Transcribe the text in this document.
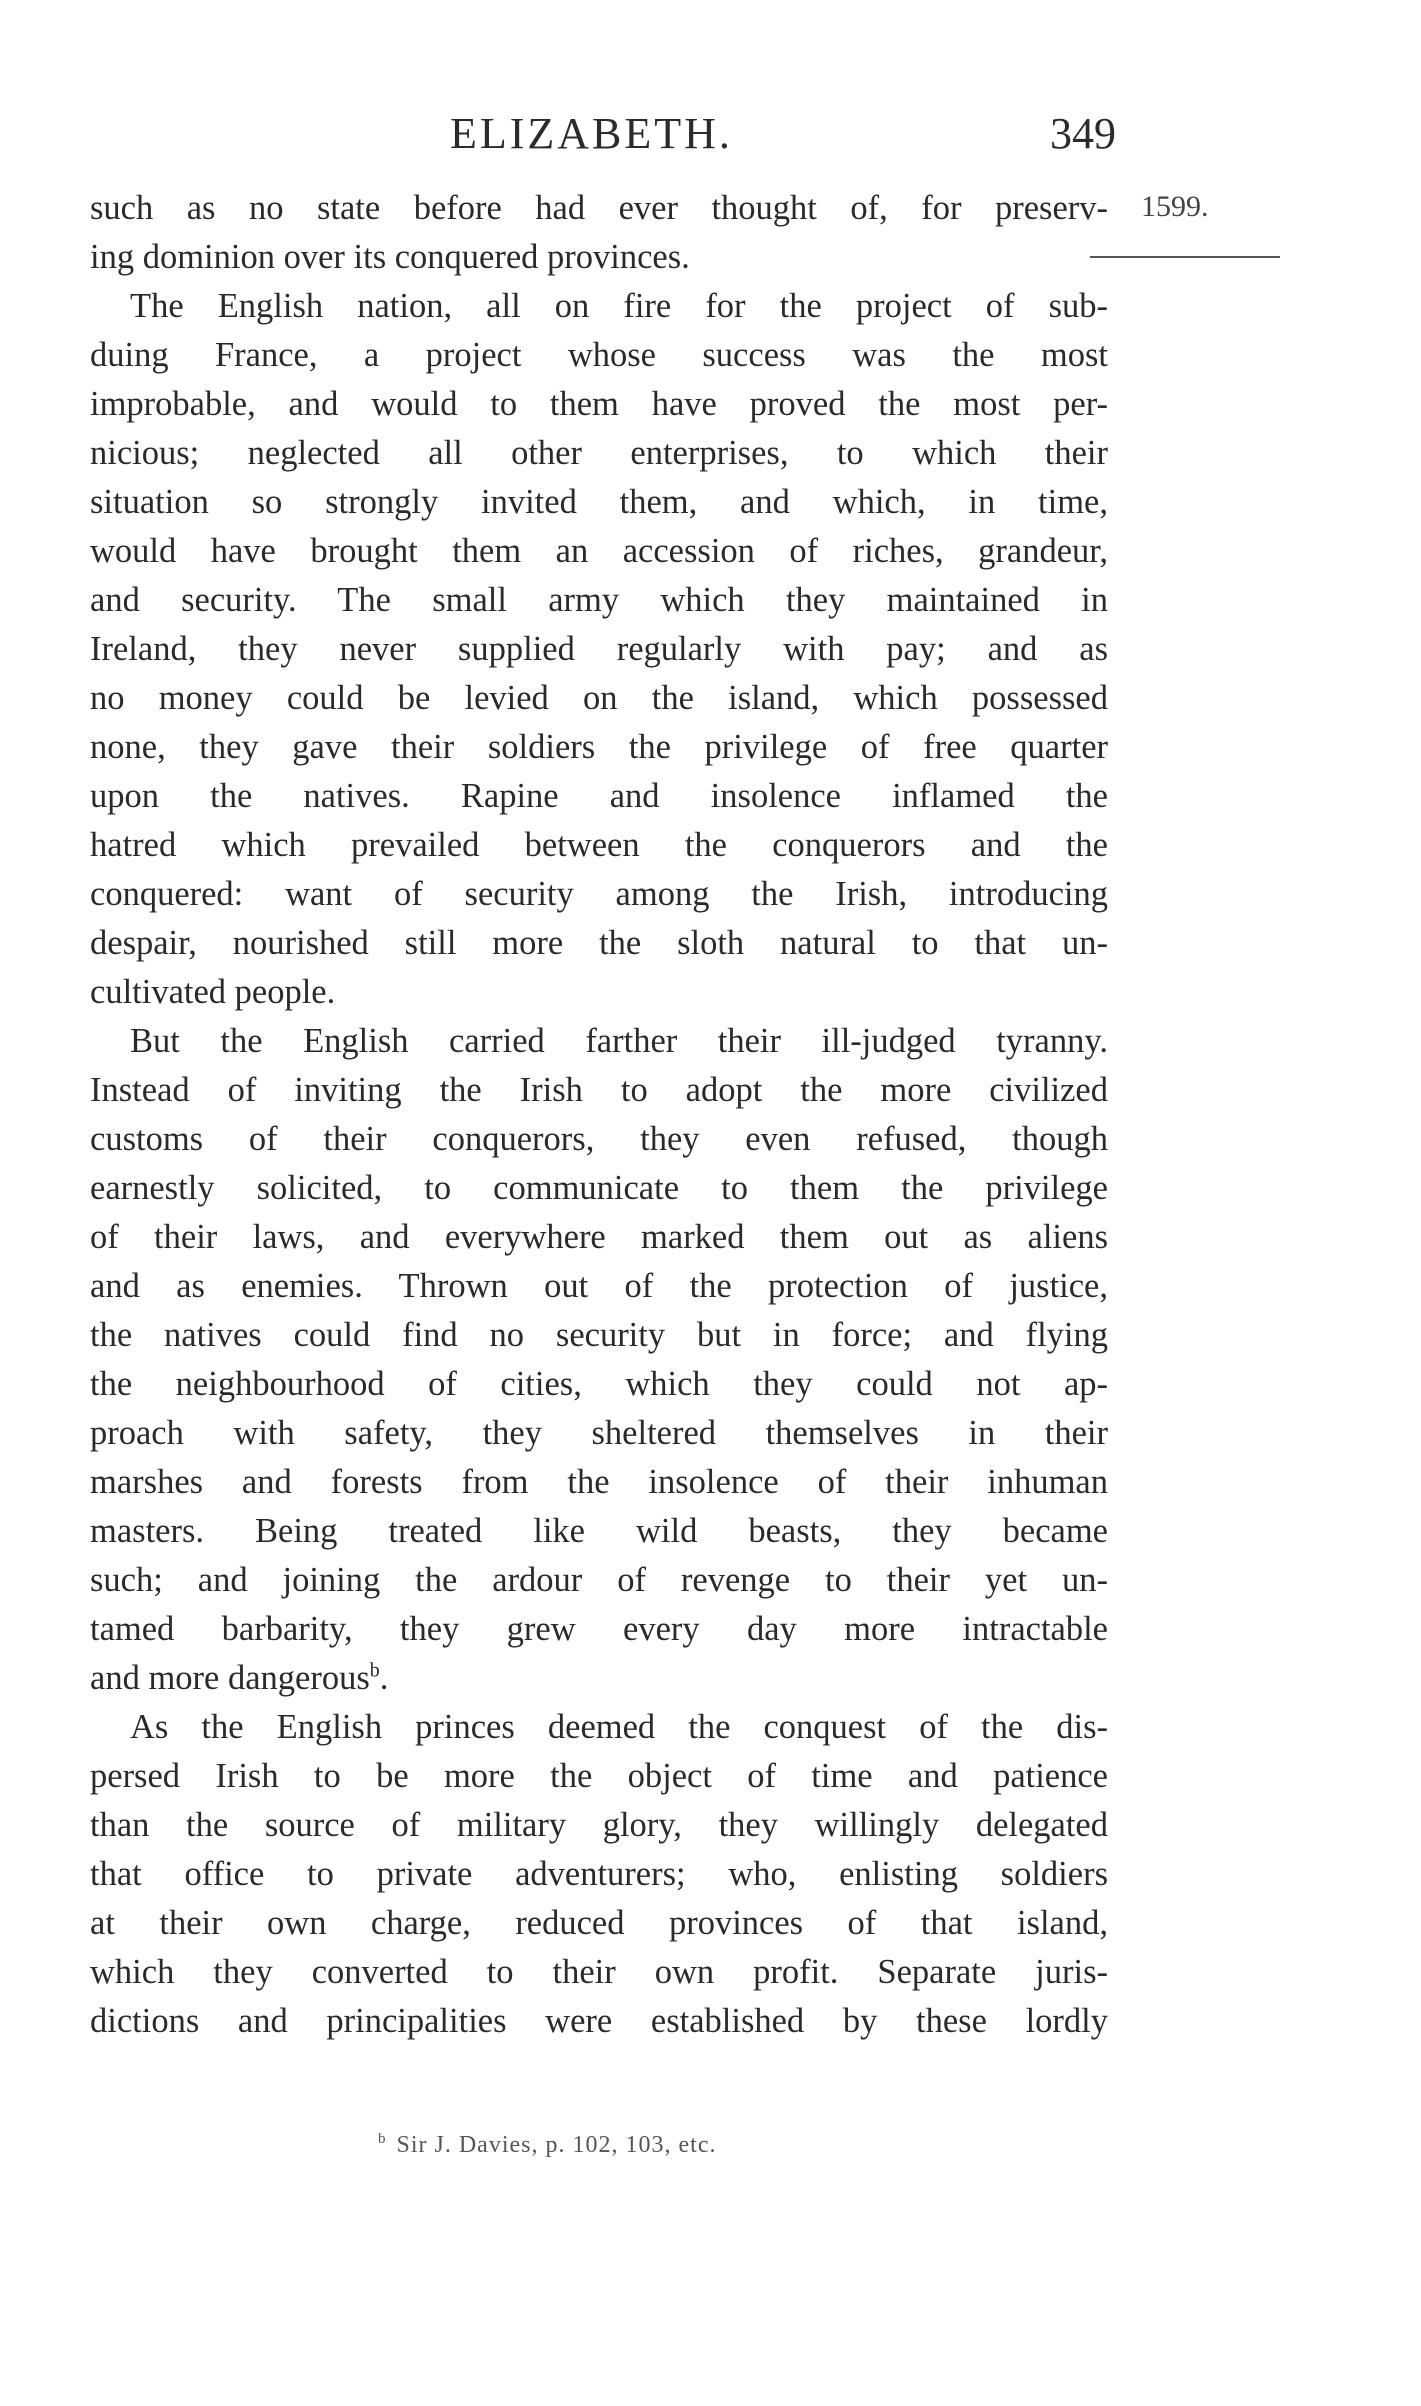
ELIZABETH.	349
1599.
such as no state before had ever thought of, for preserv-
ing dominion over its conquered provinces.
The English nation, all on fire for the project of sub-
duing France, a project whose success was the most
improbable, and would to them have proved the most per-
nicious; neglected all other enterprises, to which their
situation so strongly invited them, and which, in time,
would have brought them an accession of riches, grandeur,
and security. The small army which they maintained in
Ireland, they never supplied regularly with pay; and as
no money could be levied on the island, which possessed
none, they gave their soldiers the privilege of free quarter
upon the natives. Rapine and insolence inflamed the
hatred which prevailed between the conquerors and the
conquered: want of security among the Irish, introducing
despair, nourished still more the sloth natural to that un-
cultivated people.
But the English carried farther their ill-judged tyranny.
Instead of inviting the Irish to adopt the more civilized
customs of their conquerors, they even refused, though
earnestly solicited, to communicate to them the privilege
of their laws, and everywhere marked them out as aliens
and as enemies. Thrown out of the protection of justice,
the natives could find no security but in force; and flying
the neighbourhood of cities, which they could not ap-
proach with safety, they sheltered themselves in their
marshes and forests from the insolence of their inhuman
masters. Being treated like wild beasts, they became
such; and joining the ardour of revenge to their yet un-
tamed barbarity, they grew every day more intractable
and more dangerous$^b$.
As the English princes deemed the conquest of the dis-
persed Irish to be more the object of time and patience
than the source of military glory, they willingly delegated
that office to private adventurers; who, enlisting soldiers
at their own charge, reduced provinces of that island,
which they converted to their own profit. Separate juris-
dictions and principalities were established by these lordly
$^b$ Sir J. Davies, p. 102, 103, etc.
